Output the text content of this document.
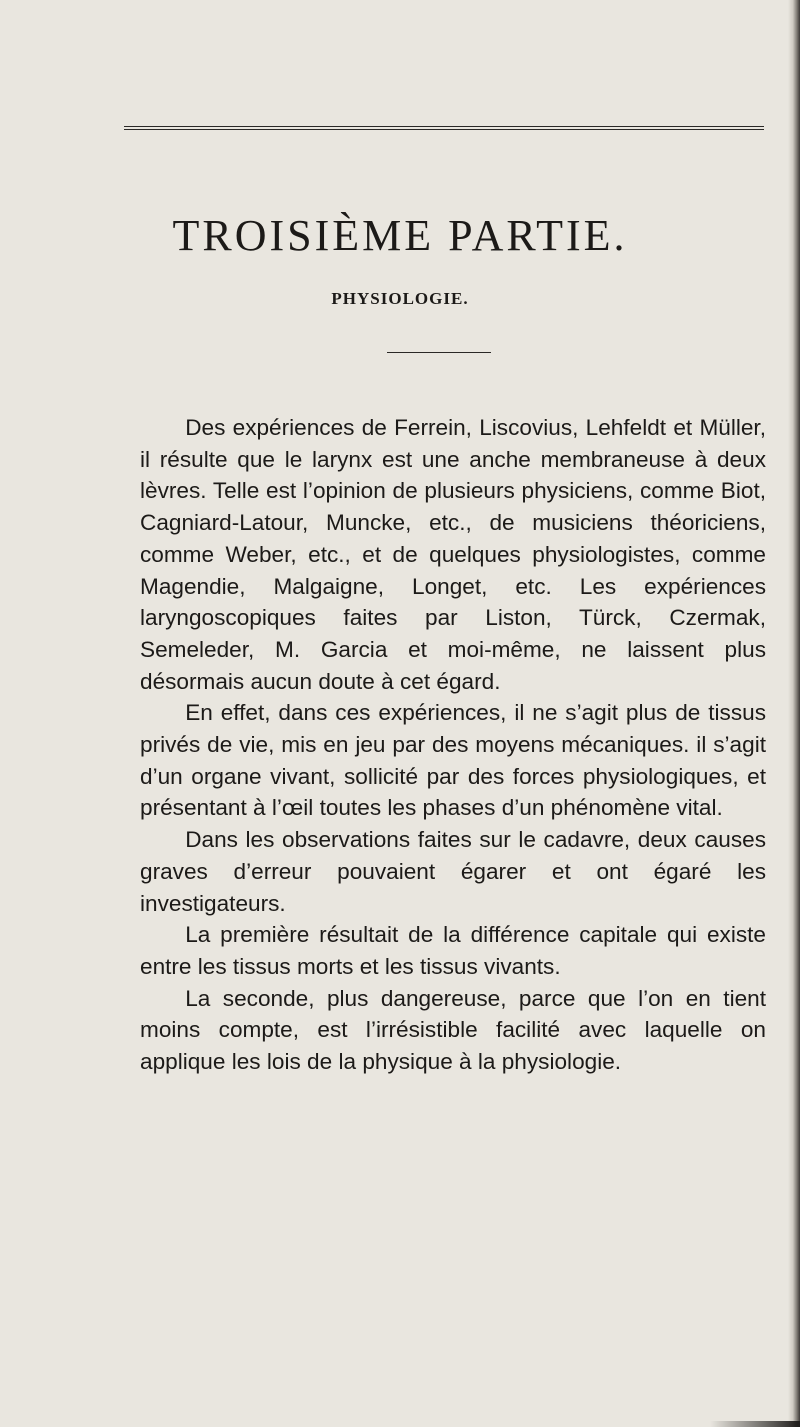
TROISIÈME PARTIE.
PHYSIOLOGIE.

Des expériences de Ferrein, Liscovius, Lehfeldt et Müller, il résulte que le larynx est une anche membraneuse à deux lèvres. Telle est l’opinion de plusieurs physiciens, comme Biot, Cagniard-Latour, Muncke, etc., de musiciens théoriciens, comme Weber, etc., et de quelques physiologistes, comme Magendie, Malgaigne, Longet, etc. Les expériences laryngoscopiques faites par Liston, Türck, Czermak, Semeleder, M. Garcia et moi-même, ne laissent plus désormais aucun doute à cet égard.

En effet, dans ces expériences, il ne s’agit plus de tissus privés de vie, mis en jeu par des moyens mécaniques. il s’agit d’un organe vivant, sollicité par des forces physiologiques, et présentant à l’œil toutes les phases d’un phénomène vital.

Dans les observations faites sur le cadavre, deux causes graves d’erreur pouvaient égarer et ont égaré les investigateurs.

La première résultait de la différence capitale qui existe entre les tissus morts et les tissus vivants.

La seconde, plus dangereuse, parce que l’on en tient moins compte, est l’irrésistible facilité avec laquelle on applique les lois de la physique à la physiologie.
